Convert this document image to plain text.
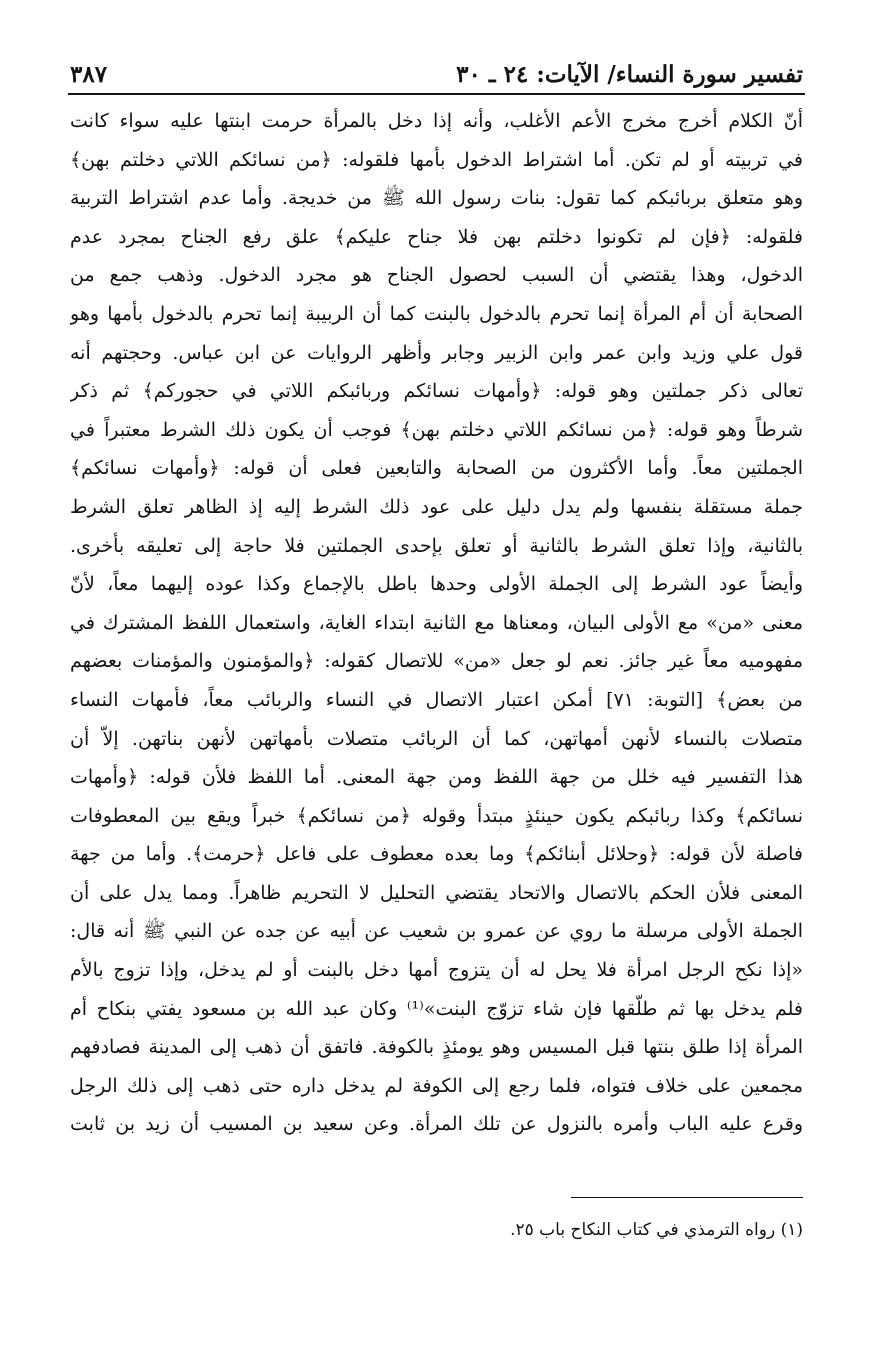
تفسير سورة النساء/ الآيات: ٢٤ ـ ٣٠
٣٨٧
أنّ الكلام أخرج مخرج الأعم الأغلب، وأنه إذا دخل بالمرأة حرمت ابنتها عليه سواء كانت
في تربيته أو لم تكن. أما اشتراط الدخول بأمها فلقوله: ﴿من نسائكم اللاتي دخلتم بهن﴾
وهو متعلق بربائبكم كما تقول: بنات رسول الله ﷺ من خديجة. وأما عدم اشتراط التربية
فلقوله: ﴿فإن لم تكونوا دخلتم بهن فلا جناح عليكم﴾ علق رفع الجناح بمجرد عدم
الدخول، وهذا يقتضي أن السبب لحصول الجناح هو مجرد الدخول. وذهب جمع من
الصحابة أن أم المرأة إنما تحرم بالدخول بالبنت كما أن الربيبة إنما تحرم بالدخول بأمها وهو
قول علي وزيد وابن عمر وابن الزبير وجابر وأظهر الروايات عن ابن عباس. وحجتهم أنه
تعالى ذكر جملتين وهو قوله: ﴿وأمهات نسائكم وربائبكم اللاتي في حجوركم﴾ ثم ذكر
شرطاً وهو قوله: ﴿من نسائكم اللاتي دخلتم بهن﴾ فوجب أن يكون ذلك الشرط معتبراً في
الجملتين معاً. وأما الأكثرون من الصحابة والتابعين فعلى أن قوله: ﴿وأمهات نسائكم﴾
جملة مستقلة بنفسها ولم يدل دليل على عود ذلك الشرط إليه إذ الظاهر تعلق الشرط
بالثانية، وإذا تعلق الشرط بالثانية أو تعلق بإحدى الجملتين فلا حاجة إلى تعليقه بأخرى.
وأيضاً عود الشرط إلى الجملة الأولى وحدها باطل بالإجماع وكذا عوده إليهما معاً، لأنّ
معنى «من» مع الأولى البيان، ومعناها مع الثانية ابتداء الغاية، واستعمال اللفظ المشترك في
مفهوميه معاً غير جائز. نعم لو جعل «من» للاتصال كقوله: ﴿والمؤمنون والمؤمنات بعضهم
من بعض﴾ [التوبة: ٧١] أمكن اعتبار الاتصال في النساء والربائب معاً، فأمهات النساء
متصلات بالنساء لأنهن أمهاتهن، كما أن الربائب متصلات بأمهاتهن لأنهن بناتهن. إلاّ أن
هذا التفسير فيه خلل من جهة اللفظ ومن جهة المعنى. أما اللفظ فلأن قوله: ﴿وأمهات
نسائكم﴾ وكذا ربائبكم يكون حينئذٍ مبتدأ وقوله ﴿من نسائكم﴾ خبراً ويقع بين المعطوفات
فاصلة لأن قوله: ﴿وحلائل أبنائكم﴾ وما بعده معطوف على فاعل ﴿حرمت﴾. وأما من جهة
المعنى فلأن الحكم بالاتصال والاتحاد يقتضي التحليل لا التحريم ظاهراً. ومما يدل على أن
الجملة الأولى مرسلة ما روي عن عمرو بن شعيب عن أبيه عن جده عن النبي ﷺ أنه قال:
«إذا نكح الرجل امرأة فلا يحل له أن يتزوج أمها دخل بالبنت أو لم يدخل، وإذا تزوج بالأم
فلم يدخل بها ثم طلّقها فإن شاء تزوّج البنت»⁽¹⁾ وكان عبد الله بن مسعود يفتي بنكاح أم
المرأة إذا طلق بنتها قبل المسيس وهو يومئذٍ بالكوفة. فاتفق أن ذهب إلى المدينة فصادفهم
مجمعين على خلاف فتواه، فلما رجع إلى الكوفة لم يدخل داره حتى ذهب إلى ذلك الرجل
وقرع عليه الباب وأمره بالنزول عن تلك المرأة. وعن سعيد بن المسيب أن زيد بن ثابت
(١) رواه الترمذي في كتاب النكاح باب ٢٥.
